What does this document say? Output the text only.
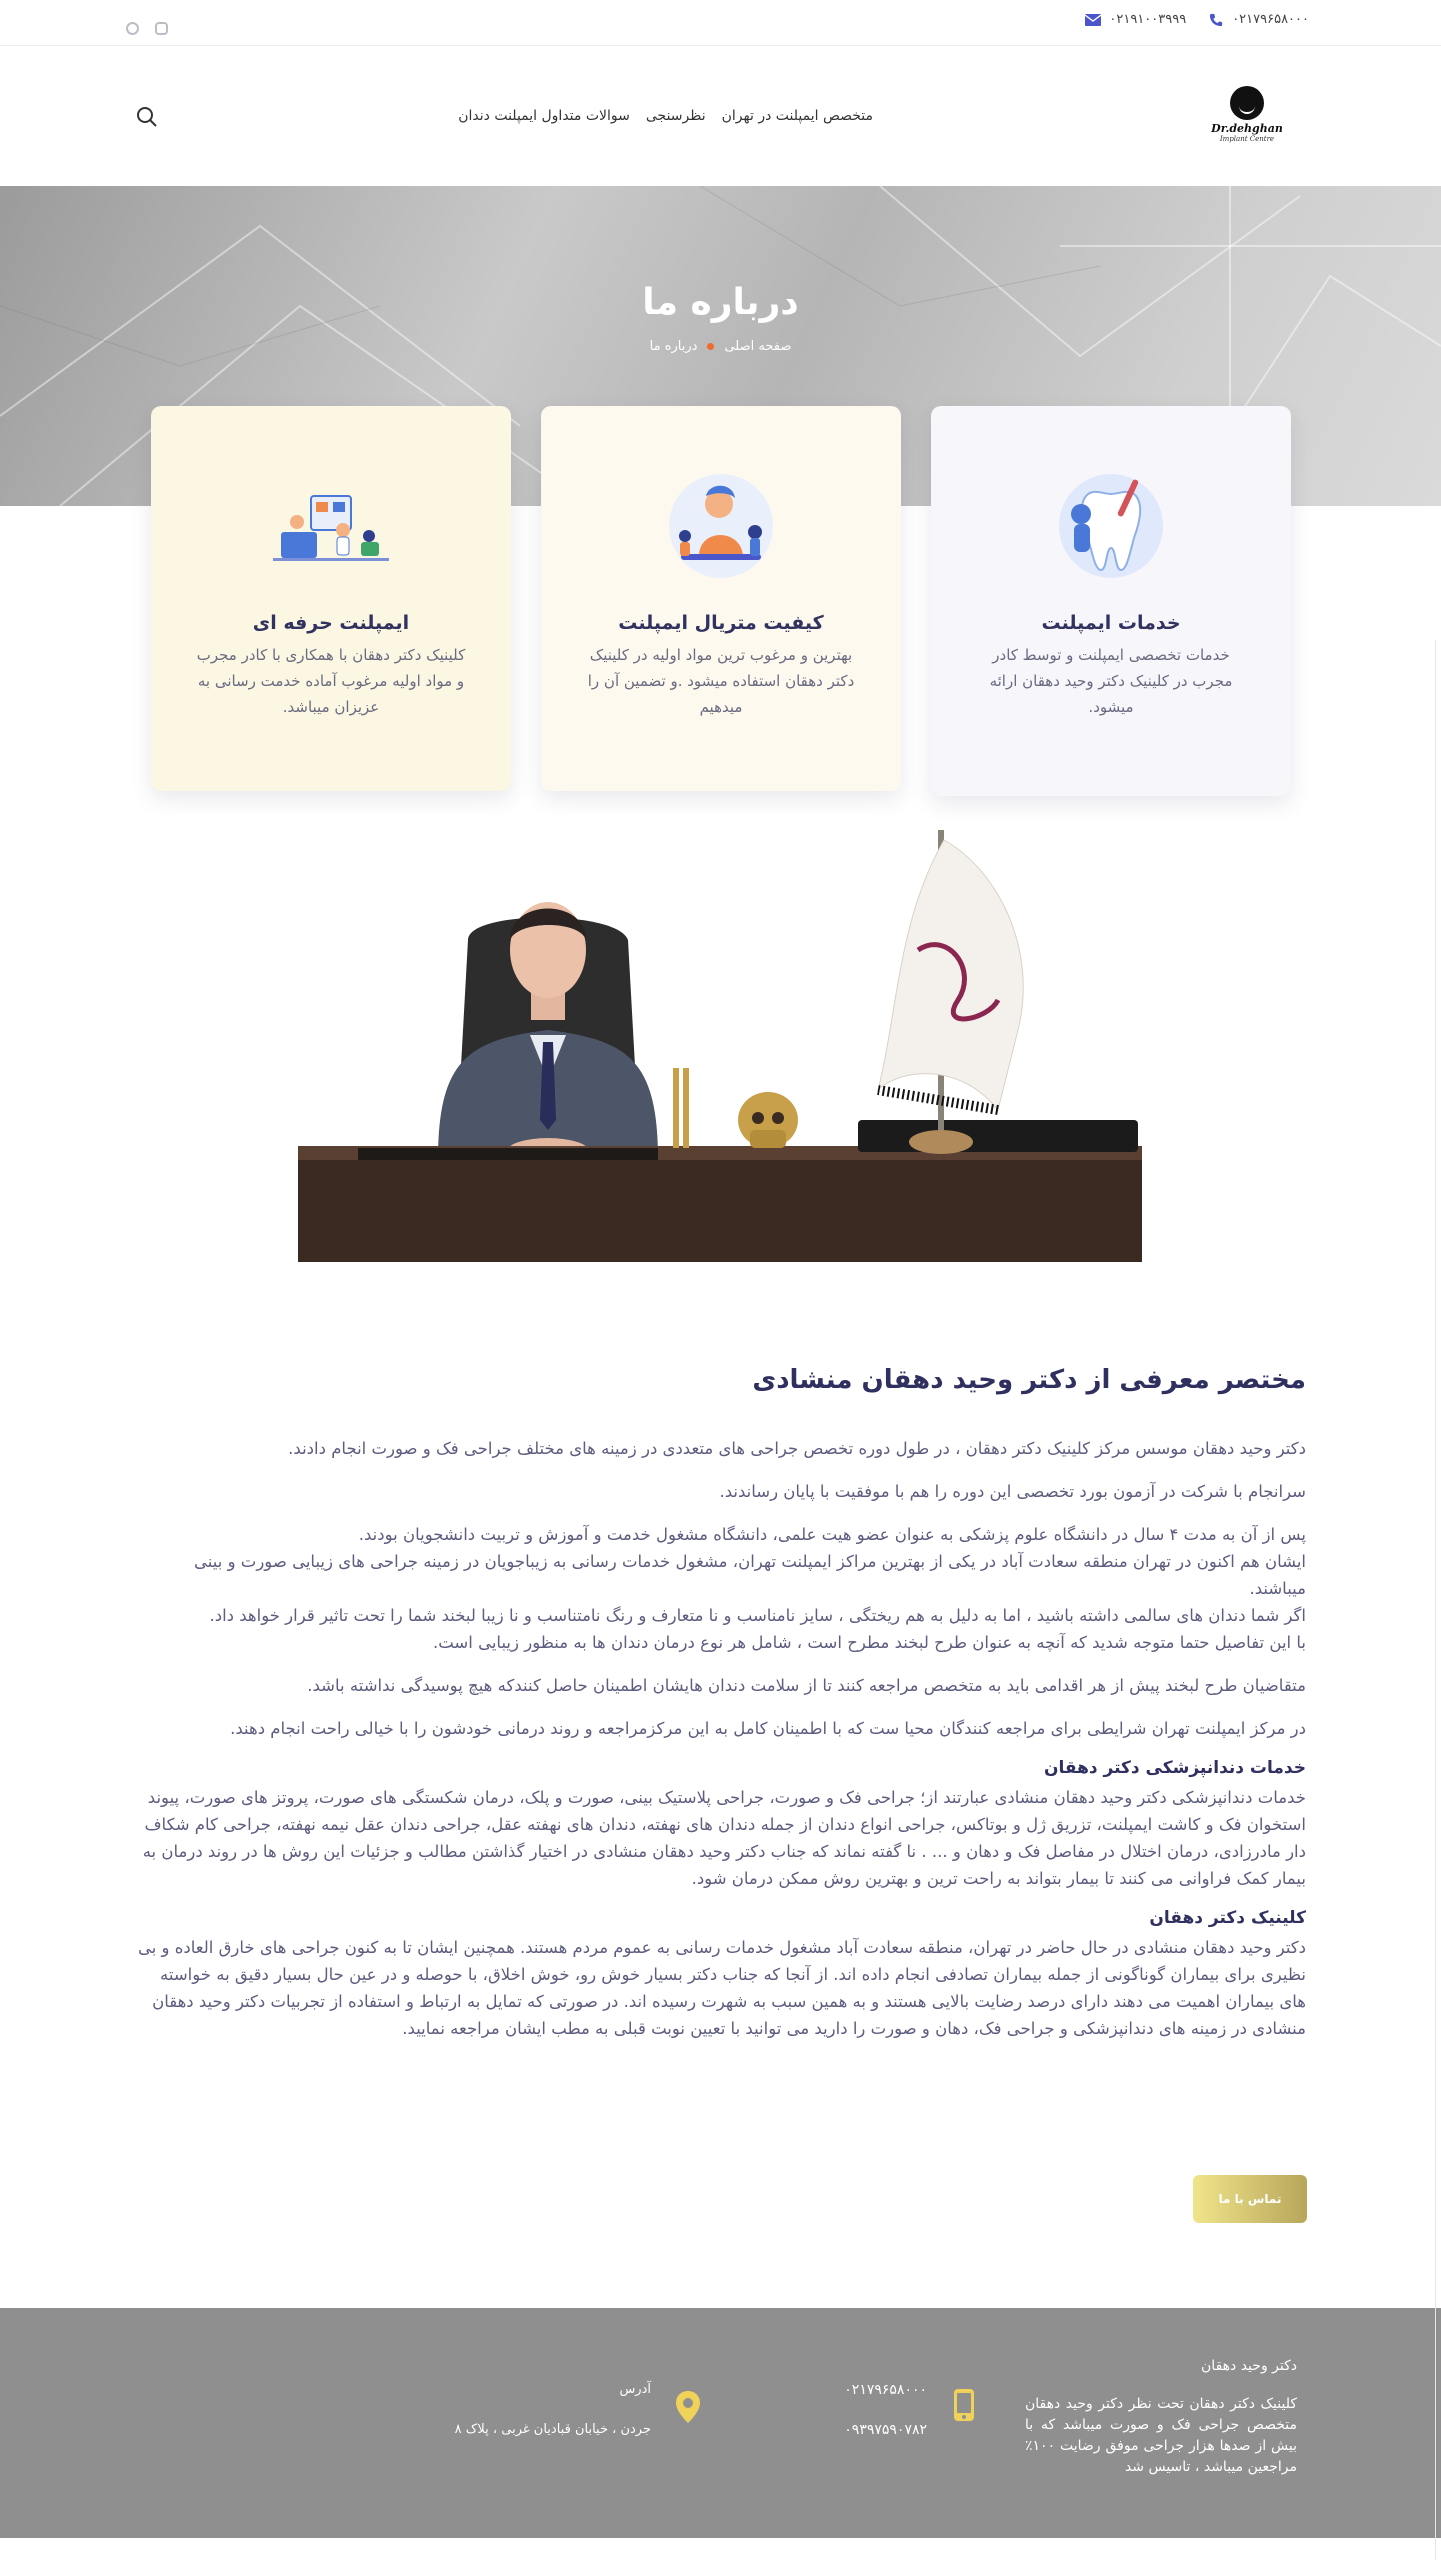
۰۲۱۷۹۶۵۸۰۰۰
۰۲۱۹۱۰۰۳۹۹۹
Dr.dehghan
Implant Centre
متخصص ایمپلنت در تهران
نظرسنجی
سوالات متداول ایمپلنت دندان
درباره ما
صفحه اصلی
درباره ما
خدمات ایمپلنت

خدمات تخصصی ایمپلنت و توسط کادر مجرب در کلینیک دکتر وحید دهقان ارائه میشود.

کیفیت متریال ایمپلنت

بهترین و مرغوب ترین مواد اولیه در کلینیک دکتر دهقان استفاده میشود .و تضمین آن را میدهیم

ایمپلنت حرفه ای

کلینیک دکتر دهقان با همکاری با کادر مجرب و مواد اولیه مرغوب آماده خدمت رسانی به عزیزان میباشد.

مختصر معرفی از دکتر وحید دهقان منشادی

دکتر وحید دهقان موسس مرکز کلینیک دکتر دهقان ، در طول دوره تخصص جراحی های متعددی در زمینه های مختلف جراحی فک و صورت انجام دادند.

سرانجام با شرکت در آزمون بورد تخصصی این دوره را هم با موفقیت با پایان رساندند.

پس از آن به مدت ۴ سال در دانشگاه علوم پزشکی به عنوان عضو هیت علمی، دانشگاه مشغول خدمت و آموزش و تربیت دانشجویان بودند.

ایشان هم اکنون در تهران منطقه سعادت آباد در یکی از بهترین مراکز ایمپلنت تهران، مشغول خدمات رسانی به زیباجویان در زمینه جراحی های زیبایی صورت و بینی میباشند.

اگر شما دندان های سالمی داشته باشید ، اما به دلیل به هم ریختگی ، سایز نامناسب و نا متعارف و رنگ نامتناسب و نا زیبا لبخند شما را تحت تاثیر قرار خواهد داد.

با این تفاصیل حتما متوجه شدید که آنچه به عنوان طرح لبخند مطرح است ، شامل هر نوع درمان دندان ها به منظور زیبایی است.

متقاضیان طرح لبخند پیش از هر اقدامی باید به متخصص مراجعه کنند تا از سلامت دندان هایشان اطمینان حاصل کنندکه هیچ پوسیدگی نداشته باشد.

در مرکز ایمپلنت تهران شرایطی برای مراجعه کنندگان محیا ست که با اطمینان کامل به این مرکزمراجعه و روند درمانی خودشون را با خیالی راحت انجام دهند.

خدمات دندانپزشکی دکتر دهقان

خدمات دندانپزشکی دکتر وحید دهقان منشادی عبارتند از؛ جراحی فک و صورت، جراحی پلاستیک بینی، صورت و پلک، درمان شکستگی های صورت، پروتز های صورت، پیوند استخوان فک و کاشت ایمپلنت، تزریق ژل و بوتاکس، جراحی انواع دندان از جمله دندان های نهفته، دندان های نهفته عقل، جراحی دندان عقل نیمه نهفته، جراحی کام شکاف دار مادرزادی، درمان اختلال در مفاصل فک و دهان و ... . نا گفته نماند که جناب دکتر وحید دهقان منشادی در اختیار گذاشتن مطالب و جزئیات این روش ها در روند درمان به بیمار کمک فراوانی می کنند تا بیمار بتواند به راحت ترین و بهترین روش ممکن درمان شود.

کلینیک دکتر دهقان

دکتر وحید دهقان منشادی در حال حاضر در تهران، منطقه سعادت آباد مشغول خدمات رسانی به عموم مردم هستند. همچنین ایشان تا به کنون جراحی های خارق العاده و بی نظیری برای بیماران گوناگونی از جمله بیماران تصادفی انجام داده اند. از آنجا که جناب دکتر بسیار خوش رو، خوش اخلاق، با حوصله و در عین حال بسیار دقیق به خواسته های بیماران اهمیت می دهند دارای درصد رضایت بالایی هستند و به همین سبب به شهرت رسیده اند. در صورتی که تمایل به ارتباط و استفاده از تجربیات دکتر وحید دهقان منشادی در زمینه های دندانپزشکی و جراحی فک، دهان و صورت را دارید می توانید با تعیین نوبت قبلی به مطب ایشان مراجعه نمایید.

تماس با ما
دکتر وحید دهقان

کلینیک دکتر دهقان تحت نظر دکتر وحید دهقان متخصص جراحی فک و صورت میباشد که با بیش از صدها هزار جراحی موفق رضایت ۱۰۰٪ مراجعین میباشد ، تاسیس شد

۰۲۱۷۹۶۵۸۰۰۰
۰۹۳۹۷۵۹۰۷۸۲
آدرس
جردن ، خیابان قبادیان غربی ، پلاک ۸
